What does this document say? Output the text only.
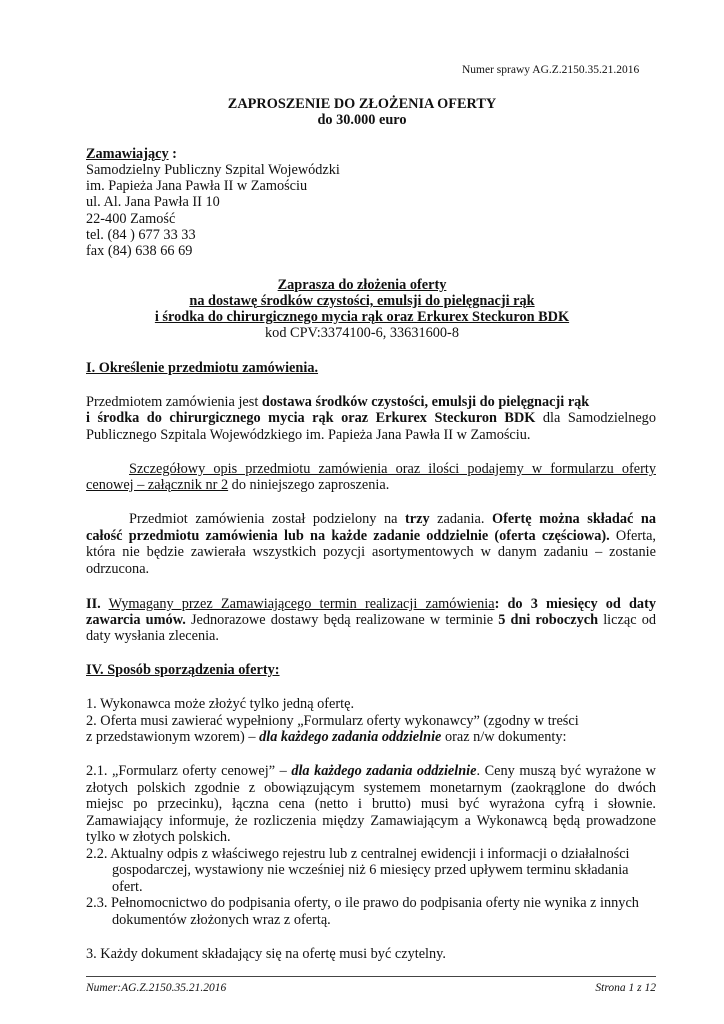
Numer sprawy AG.Z.2150.35.21.2016
ZAPROSZENIE DO ZŁOŻENIA OFERTY
do 30.000 euro
Zamawiający :
Samodzielny Publiczny Szpital Wojewódzki
im. Papieża Jana Pawła II w Zamościu
ul. Al. Jana Pawła II 10
22-400 Zamość
tel. (84 ) 677 33 33
fax (84) 638 66 69
Zaprasza do złożenia oferty
na dostawę środków czystości, emulsji do pielęgnacji rąk
i środka do chirurgicznego mycia rąk oraz Erkurex Steckuron BDK
kod CPV:3374100-6, 33631600-8
I. Określenie przedmiotu zamówienia.
Przedmiotem zamówienia jest dostawa środków czystości, emulsji do pielęgnacji rąk
i środka do chirurgicznego mycia rąk oraz Erkurex Steckuron BDK dla Samodzielnego
Publicznego Szpitala Wojewódzkiego im. Papieża Jana Pawła II w Zamościu.
Szczegółowy opis przedmiotu zamówienia oraz ilości podajemy w formularzu oferty
cenowej – załącznik nr 2 do niniejszego zaproszenia.
Przedmiot zamówienia został podzielony na trzy zadania. Ofertę można składać na
całość przedmiotu zamówienia lub na każde zadanie oddzielnie (oferta częściowa). Oferta,
która nie będzie zawierała wszystkich pozycji asortymentowych w danym zadaniu – zostanie
odrzucona.
II. Wymagany przez Zamawiającego termin realizacji zamówienia: do 3 miesięcy od daty
zawarcia umów. Jednorazowe dostawy będą realizowane w terminie 5 dni roboczych licząc od
daty wysłania zlecenia.
IV. Sposób sporządzenia oferty:
1. Wykonawca może złożyć tylko jedną ofertę.
2. Oferta musi zawierać wypełniony „Formularz oferty wykonawcy” (zgodny w treści
z przedstawionym wzorem) – dla każdego zadania oddzielnie oraz n/w dokumenty:
2.1. „Formularz oferty cenowej” – dla każdego zadania oddzielnie. Ceny muszą być wyrażone w
złotych polskich zgodnie z obowiązującym systemem monetarnym (zaokrąglone do dwóch
miejsc po przecinku), łączna cena (netto i brutto) musi być wyrażona cyfrą i słownie.
Zamawiający informuje, że rozliczenia między Zamawiającym a Wykonawcą będą prowadzone
tylko w złotych polskich.
2.2. Aktualny odpis z właściwego rejestru lub z centralnej ewidencji i informacji o działalności
gospodarczej, wystawiony nie wcześniej niż 6 miesięcy przed upływem terminu składania
ofert.
2.3. Pełnomocnictwo do podpisania oferty, o ile prawo do podpisania oferty nie wynika z innych
dokumentów złożonych wraz z ofertą.
3. Każdy dokument składający się na ofertę musi być czytelny.
Numer:AG.Z.2150.35.21.2016	Strona 1 z 12
